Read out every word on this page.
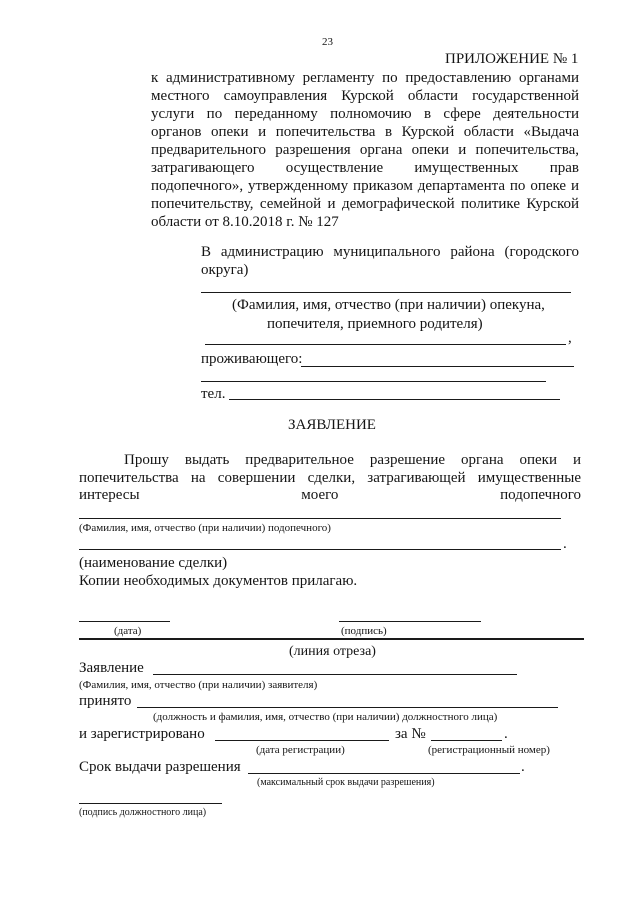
23
ПРИЛОЖЕНИЕ № 1
к административному регламенту по предоставлению органами
местного самоуправления Курской области государственной
услуги по переданному полномочию в сфере деятельности
органов опеки и попечительства в Курской области «Выдача
предварительного разрешения органа опеки и попечительства,
затрагивающего осуществление имущественных прав
подопечного», утвержденному приказом департамента по опеке и
попечительству, семейной и демографической политике Курской
области от 8.10.2018 г. № 127
В администрацию муниципального района (городского
округа)
(Фамилия, имя, отчество (при наличии) опекуна,
попечителя, приемного родителя)
,
проживающего:
тел.
ЗАЯВЛЕНИЕ
Прошу выдать предварительное разрешение органа опеки и
попечительства на совершении сделки, затрагивающей имущественные
интересы	моего	подопечного
(Фамилия, имя, отчество (при наличии) подопечного)
.
(наименование сделки)
Копии необходимых документов прилагаю.
(дата)	(подпись)
(линия отреза)
Заявление
(Фамилия, имя, отчество (при наличии) заявителя)
принято
(должность и фамилия, имя, отчество (при наличии) должностного лица)
и зарегистрировано	за №	.
(дата регистрации)	(регистрационный номер)
Срок выдачи разрешения	.
(максимальный срок выдачи разрешения)
(подпись должностного лица)
